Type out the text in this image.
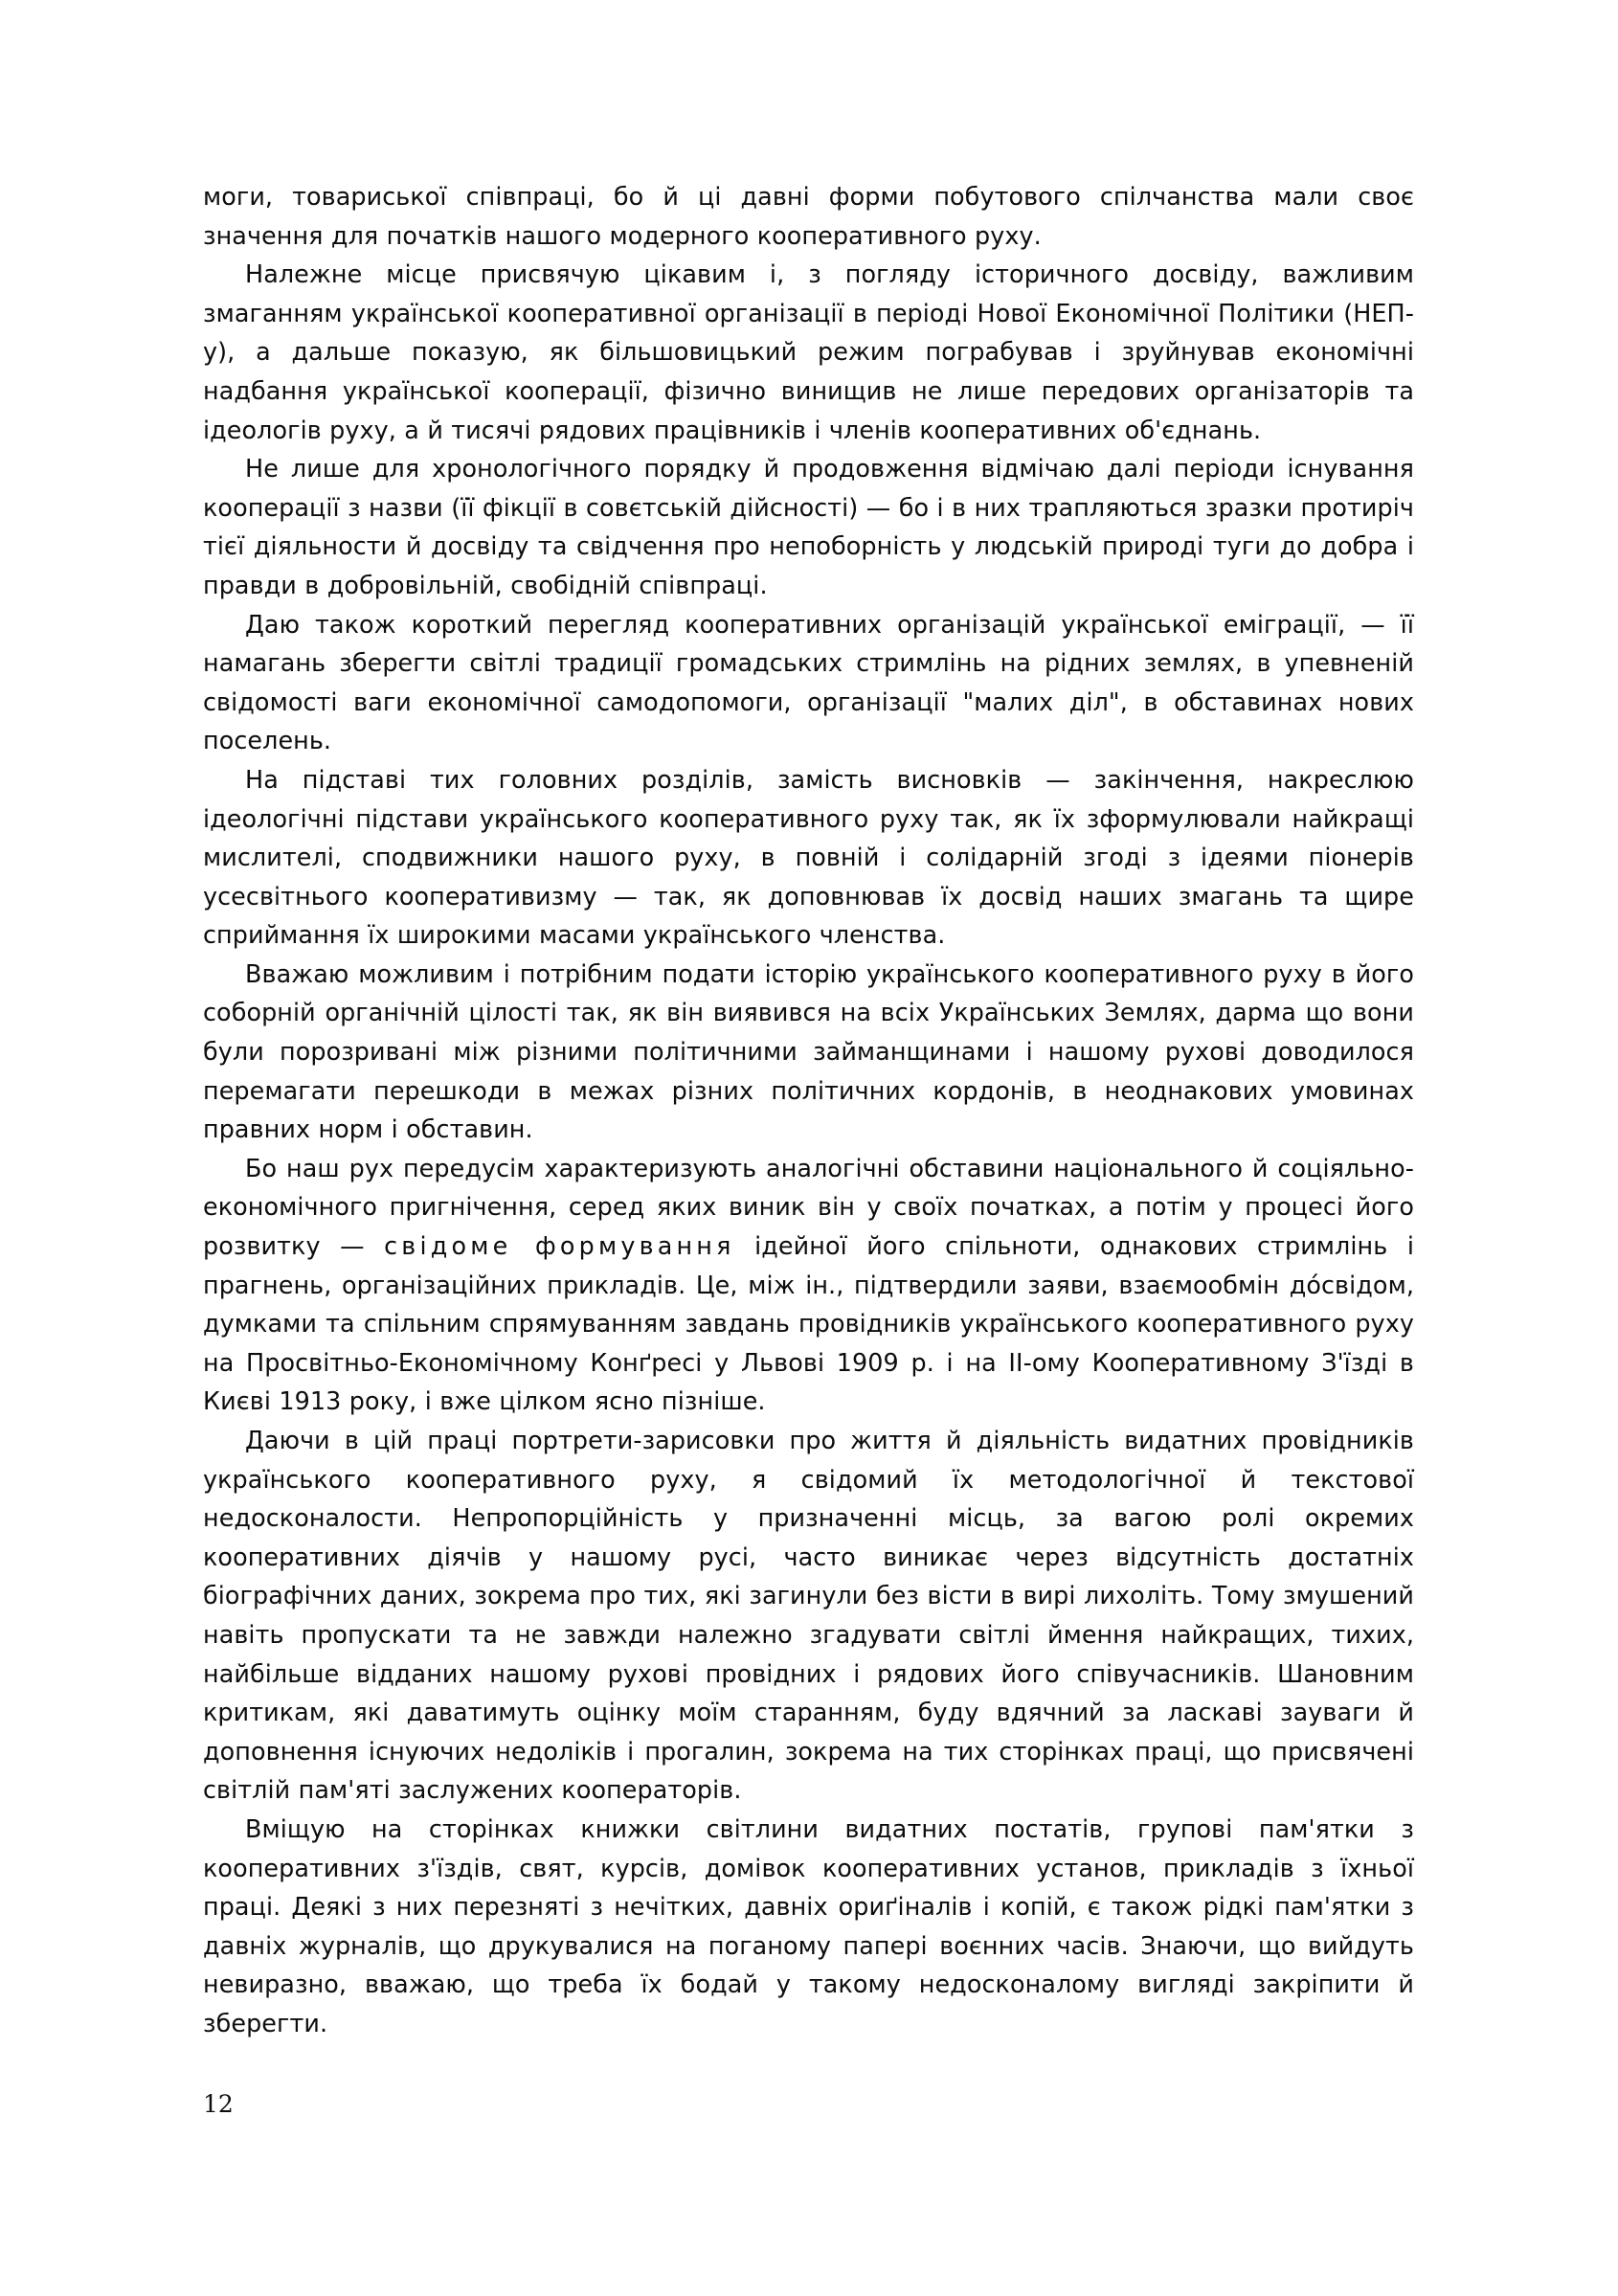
моги, товариської співпраці, бо й ці давні форми побутового спілчанства мали своє значення для початків нашого модерного кооперативного руху.

Належне місце присвячую цікавим і, з погляду історичного досвіду, важливим змаганням української кооперативної організації в періоді Нової Економічної Політики (НЕП-у), а дальше показую, як більшовицький режим пограбував і зруйнував економічні надбання української кооперації, фізично винищив не лише передових організаторів та ідеологів руху, а й тисячі рядових працівників і членів кооперативних об'єднань.

Не лише для хронологічного порядку й продовження відмічаю далі періоди існування кооперації з назви (її фікції в совєтській дійсності) — бо і в них трапляються зразки протиріч тієї діяльности й досвіду та свідчення про непоборність у людській природі туги до добра і правди в добровільній, свобідній співпраці.

Даю також короткий перегляд кооперативних організацій української еміграції, — її намагань зберегти світлі традиції громадських стримлінь на рідних землях, в упевненій свідомості ваги економічної самодопомоги, організації "малих діл", в обставинах нових поселень.

На підставі тих головних розділів, замість висновків — закінчення, накреслюю ідеологічні підстави українського кооперативного руху так, як їх зформулювали найкращі мислителі, сподвижники нашого руху, в повній і солідарній згоді з ідеями піонерів усесвітнього кооперативизму — так, як доповнював їх досвід наших змагань та щире сприймання їх широкими масами українського членства.

Вважаю можливим і потрібним подати історію українського кооперативного руху в його соборній органічній цілості так, як він виявився на всіх Українських Землях, дарма що вони були порозривані між різними політичними займанщинами і нашому рухові доводилося перемагати перешкоди в межах різних політичних кордонів, в неоднакових умовинах правних норм і обставин.

Бо наш рух передусім характеризують аналогічні обставини національного й соціяльно-економічного пригнічення, серед яких виник він у своїх початках, а потім у процесі його розвитку — свідоме формування ідейної його спільноти, однакових стримлінь і прагнень, організаційних прикладів. Це, між ін., підтвердили заяви, взаємообмін дóсвідом, думками та спільним спрямуванням завдань провідників українського кооперативного руху на Просвітньо-Економічному Конґресі у Львові 1909 р. і на ІІ-ому Кооперативному З'їзді в Києві 1913 року, і вже цілком ясно пізніше.

Даючи в цій праці портрети-зарисовки про життя й діяльність видатних провідників українського кооперативного руху, я свідомий їх методологічної й текстової недосконалости. Непропорційність у призначенні місць, за вагою ролі окремих кооперативних діячів у нашому русі, часто виникає через відсутність достатніх біографічних даних, зокрема про тих, які загинули без вісти в вирі лихоліть. Тому змушений навіть пропускати та не завжди належно згадувати світлі ймення найкращих, тихих, найбільше відданих нашому рухові провідних і рядових його співучасників. Шановним критикам, які даватимуть оцінку моїм старанням, буду вдячний за ласкаві зауваги й доповнення існуючих недоліків і прогалин, зокрема на тих сторінках праці, що присвячені світлій пам'яті заслужених кооператорів.

Вміщую на сторінках книжки світлини видатних постатів, групові пам'ятки з кооперативних з'їздів, свят, курсів, домівок кооперативних установ, прикладів з їхньої праці. Деякі з них перезняті з нечітких, давніх ориґіналів і копій, є також рідкі пам'ятки з давніх журналів, що друкувалися на поганому папері воєнних часів. Знаючи, що вийдуть невиразно, вважаю, що треба їх бодай у такому недосконалому вигляді закріпити й зберегти.

12
